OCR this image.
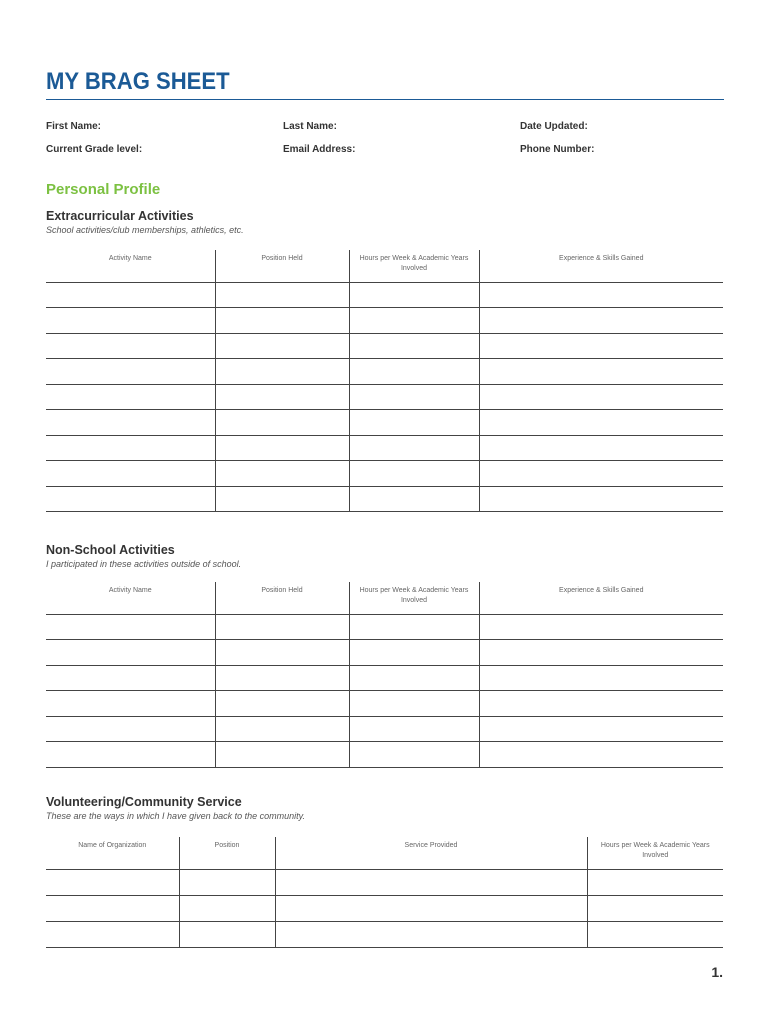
MY BRAG SHEET
First Name:	Last Name:	Date Updated:
Current Grade level:	Email Address:	Phone Number:
Personal Profile
Extracurricular Activities
School activities/club memberships, athletics, etc.
Activity Name	Position Held	Hours per Week & Academic Years Involved	Experience & Skills Gained

Non-School Activities
I participated in these activities outside of school.
Activity Name	Position Held	Hours per Week & Academic Years Involved	Experience & Skills Gained

Volunteering/Community Service
These are the ways in which I have given back to the community.
Name of Organization	Position	Service Provided	Hours per Week & Academic Years Involved

1.
